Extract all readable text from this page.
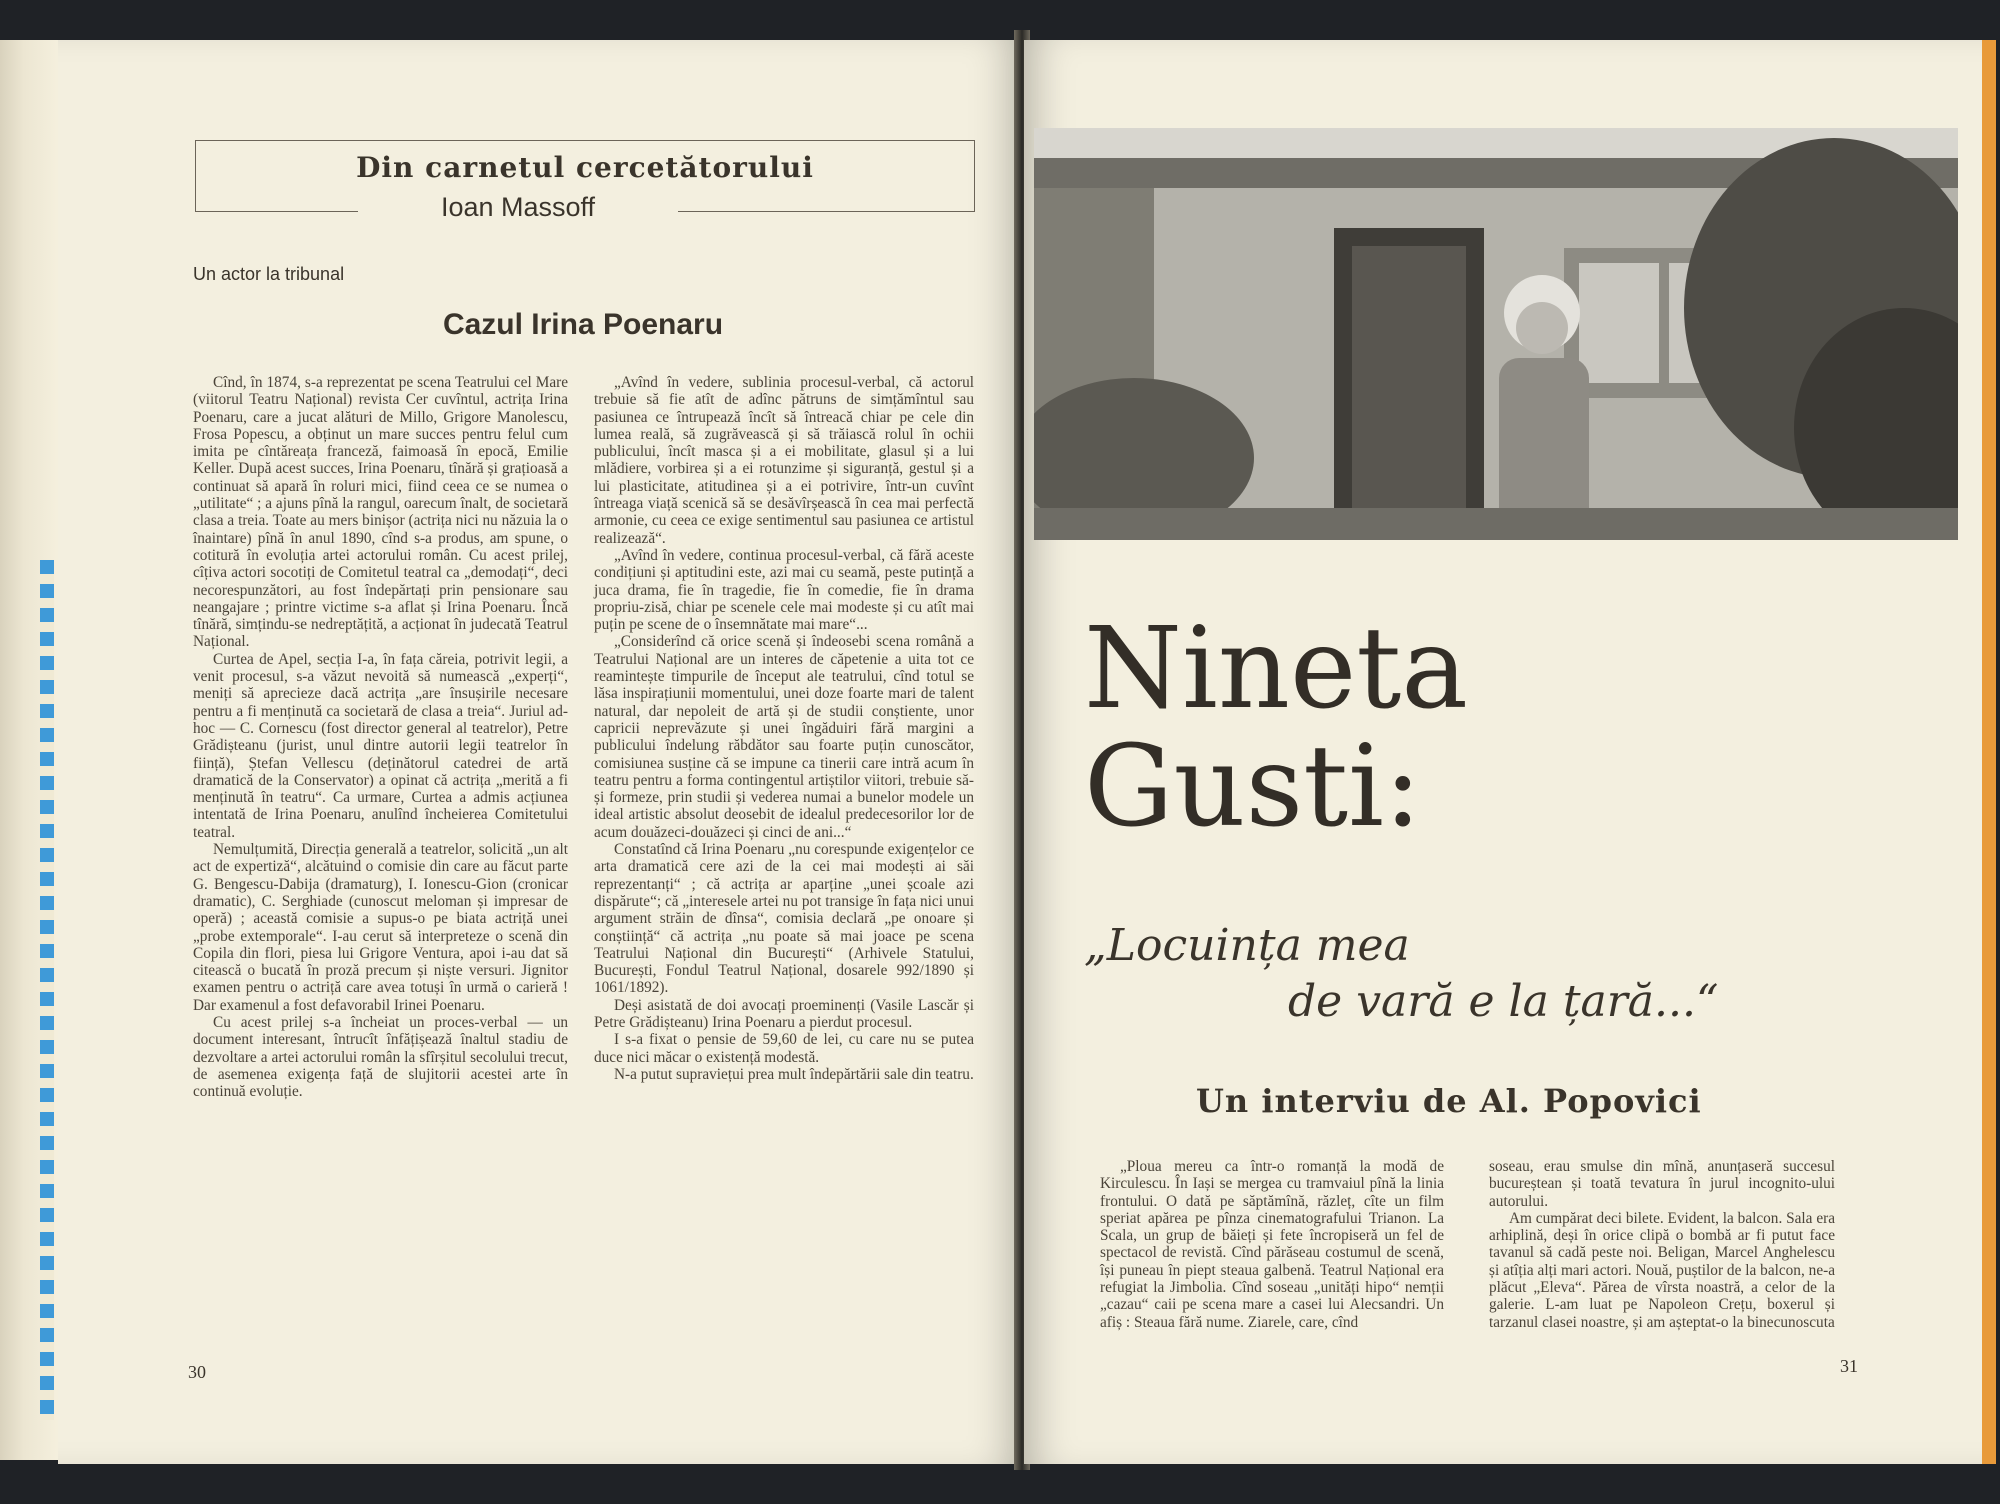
Din carnetul cercetătorului
Ioan Massoff
Un actor la tribunal
Cazul Irina Poenaru

Cînd, în 1874, s-a reprezentat pe scena Teatrului cel Mare (viitorul Teatru Național) revista Cer cuvîntul, actrița Irina Poenaru, care a jucat alături de Millo, Grigore Manolescu, Frosa Popescu, a obținut un mare succes pentru felul cum imita pe cîntăreața franceză, faimoasă în epocă, Emilie Keller. După acest succes, Irina Poenaru, tînără și grațioasă a continuat să apară în roluri mici, fiind ceea ce se numea o „utilitate“ ; a ajuns pînă la rangul, oarecum înalt, de societară clasa a treia. Toate au mers binișor (actrița nici nu năzuia la o înaintare) pînă în anul 1890, cînd s-a produs, am spune, o cotitură în evoluția artei actorului român. Cu acest prilej, cîțiva actori socotiți de Comitetul teatral ca „demodați“, deci necorespunzători, au fost îndepărtați prin pensionare sau neangajare ; printre victime s-a aflat și Irina Poenaru. Încă tînără, simțindu-se nedreptățită, a acționat în judecată Teatrul Național.

Curtea de Apel, secția I-a, în fața căreia, potrivit legii, a venit procesul, s-a văzut nevoită să numească „experți“, meniți să aprecieze dacă actrița „are însușirile necesare pentru a fi menținută ca societară de clasa a treia“. Juriul ad-hoc — C. Cornescu (fost director general al teatrelor), Petre Grădișteanu (jurist, unul dintre autorii legii teatrelor în ființă), Ștefan Vellescu (deținătorul catedrei de artă dramatică de la Conservator) a opinat că actrița „merită a fi menținută în teatru“. Ca urmare, Curtea a admis acțiunea intentată de Irina Poenaru, anulînd încheierea Comitetului teatral.

Nemulțumită, Direcția generală a teatrelor, solicită „un alt act de expertiză“, alcătuind o comisie din care au făcut parte G. Bengescu-Dabija (dramaturg), I. Ionescu-Gion (cronicar dramatic), C. Serghiade (cunoscut meloman și impresar de operă) ; această comisie a supus-o pe biata actriță unei „probe extemporale“. I-au cerut să interpreteze o scenă din Copila din flori, piesa lui Grigore Ventura, apoi i-au dat să citească o bucată în proză precum și niște versuri. Jignitor examen pentru o actriță care avea totuși în urmă o carieră ! Dar examenul a fost defavorabil Irinei Poenaru.

Cu acest prilej s-a încheiat un proces-verbal — un document interesant, întrucît înfățișează înaltul stadiu de dezvoltare a artei actorului român la sfîrșitul secolului trecut, de asemenea exigența față de slujitorii acestei arte în continuă evoluție.

„Avînd în vedere, sublinia procesul-verbal, că actorul trebuie să fie atît de adînc pătruns de simțămîntul sau pasiunea ce întrupează încît să întreacă chiar pe cele din lumea reală, să zugrăvească și să trăiască rolul în ochii publicului, încît masca și a ei mobilitate, glasul și a lui mlădiere, vorbirea și a ei rotunzime și siguranță, gestul și a lui plasticitate, atitudinea și a ei potrivire, într-un cuvînt întreaga viață scenică să se desăvîrșească în cea mai perfectă armonie, cu ceea ce exige sentimentul sau pasiunea ce artistul realizează“.

„Avînd în vedere, continua procesul-verbal, că fără aceste condițiuni și aptitudini este, azi mai cu seamă, peste putință a juca drama, fie în tragedie, fie în comedie, fie în drama propriu-zisă, chiar pe scenele cele mai modeste și cu atît mai puțin pe scene de o însemnătate mai mare“...

„Considerînd că orice scenă și îndeosebi scena română a Teatrului Național are un interes de căpetenie a uita tot ce reamintește timpurile de început ale teatrului, cînd totul se lăsa inspirațiunii momentului, unei doze foarte mari de talent natural, dar nepoleit de artă și de studii conștiente, unor capricii neprevăzute și unei îngăduiri fără margini a publicului îndelung răbdător sau foarte puțin cunoscător, comisiunea susține că se impune ca tinerii care intră acum în teatru pentru a forma contingentul artiștilor viitori, trebuie să-și formeze, prin studii și vederea numai a bunelor modele un ideal artistic absolut deosebit de idealul predecesorilor lor de acum douăzeci-douăzeci și cinci de ani...“

Constatînd că Irina Poenaru „nu corespunde exigențelor ce arta dramatică cere azi de la cei mai modești ai săi reprezentanți“ ; că actrița ar aparține „unei școale azi dispărute“; că „interesele artei nu pot transige în fața nici unui argument străin de dînsa“, comisia declară „pe onoare și conștiință“ că actrița „nu poate să mai joace pe scena Teatrului Național din București“ (Arhivele Statului, București, Fondul Teatrul Național, dosarele 992/1890 și 1061/1892).

Deși asistată de doi avocați proeminenți (Vasile Lascăr și Petre Grădișteanu) Irina Poenaru a pierdut procesul.

I s-a fixat o pensie de 59,60 de lei, cu care nu se putea duce nici măcar o existență modestă.

N-a putut supraviețui prea mult îndepărtării sale din teatru.

30
Nineta
Gusti:
„Locuința mea
de vară e la țară...“
Un interviu de Al. Popovici

„Ploua mereu ca într-o romanță la modă de Kirculescu. În Iași se mergea cu tramvaiul pînă la linia frontului. O dată pe săptămînă, răzleț, cîte un film speriat apărea pe pînza cinematografului Trianon. La Scala, un grup de băieți și fete încropiseră un fel de spectacol de revistă. Cînd părăseau costumul de scenă, își puneau în piept steaua galbenă. Teatrul Național era refugiat la Jimbolia. Cînd soseau „unități hipo“ nemții „cazau“ caii pe scena mare a casei lui Alecsandri. Un afiș : Steaua fără nume. Ziarele, care, cînd

soseau, erau smulse din mînă, anunțaseră succesul bucureștean și toată tevatura în jurul incognito-ului autorului.

Am cumpărat deci bilete. Evident, la balcon. Sala era arhiplină, deși în orice clipă o bombă ar fi putut face tavanul să cadă peste noi. Beligan, Marcel Anghelescu și atîția alți mari actori. Nouă, puștilor de la balcon, ne-a plăcut „Eleva“. Părea de vîrsta noastră, a celor de la galerie. L-am luat pe Napoleon Crețu, boxerul și tarzanul clasei noastre, și am așteptat-o la binecunoscuta

31
